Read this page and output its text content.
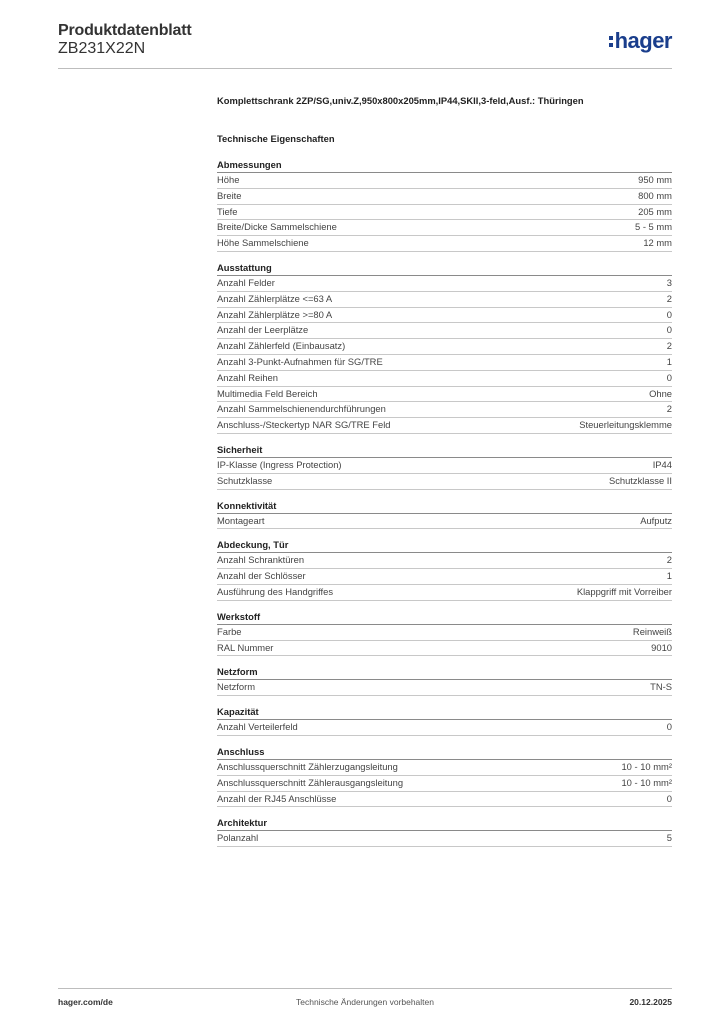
Produktdatenblatt
ZB231X22N	hager
Komplettschrank 2ZP/SG,univ.Z,950x800x205mm,IP44,SKII,3-feld,Ausf.: Thüringen
Technische Eigenschaften
Abmessungen
Höhe	950 mm
Breite	800 mm
Tiefe	205 mm
Breite/Dicke Sammelschiene	5 - 5 mm
Höhe Sammelschiene	12 mm
Ausstattung
Anzahl Felder	3
Anzahl Zählerplätze <=63 A	2
Anzahl Zählerplätze >=80 A	0
Anzahl der Leerplätze	0
Anzahl Zählerfeld (Einbausatz)	2
Anzahl 3-Punkt-Aufnahmen für SG/TRE	1
Anzahl Reihen	0
Multimedia Feld Bereich	Ohne
Anzahl Sammelschienendurchführungen	2
Anschluss-/Steckertyp NAR SG/TRE Feld	Steuerleitungsklemme
Sicherheit
IP-Klasse (Ingress Protection)	IP44
Schutzklasse	Schutzklasse II
Konnektivität
Montageart	Aufputz
Abdeckung, Tür
Anzahl Schranktüren	2
Anzahl der Schlösser	1
Ausführung des Handgriffes	Klappgriff mit Vorreiber
Werkstoff
Farbe	Reinweiß
RAL Nummer	9010
Netzform
Netzform	TN-S
Kapazität
Anzahl Verteilerfeld	0
Anschluss
Anschlussquerschnitt Zählerzugangsleitung	10 - 10 mm²
Anschlussquerschnitt Zählerausgangsleitung	10 - 10 mm²
Anzahl der RJ45 Anschlüsse	0
Architektur
Polanzahl	5
hager.com/de	Technische Änderungen vorbehalten	20.12.2025
